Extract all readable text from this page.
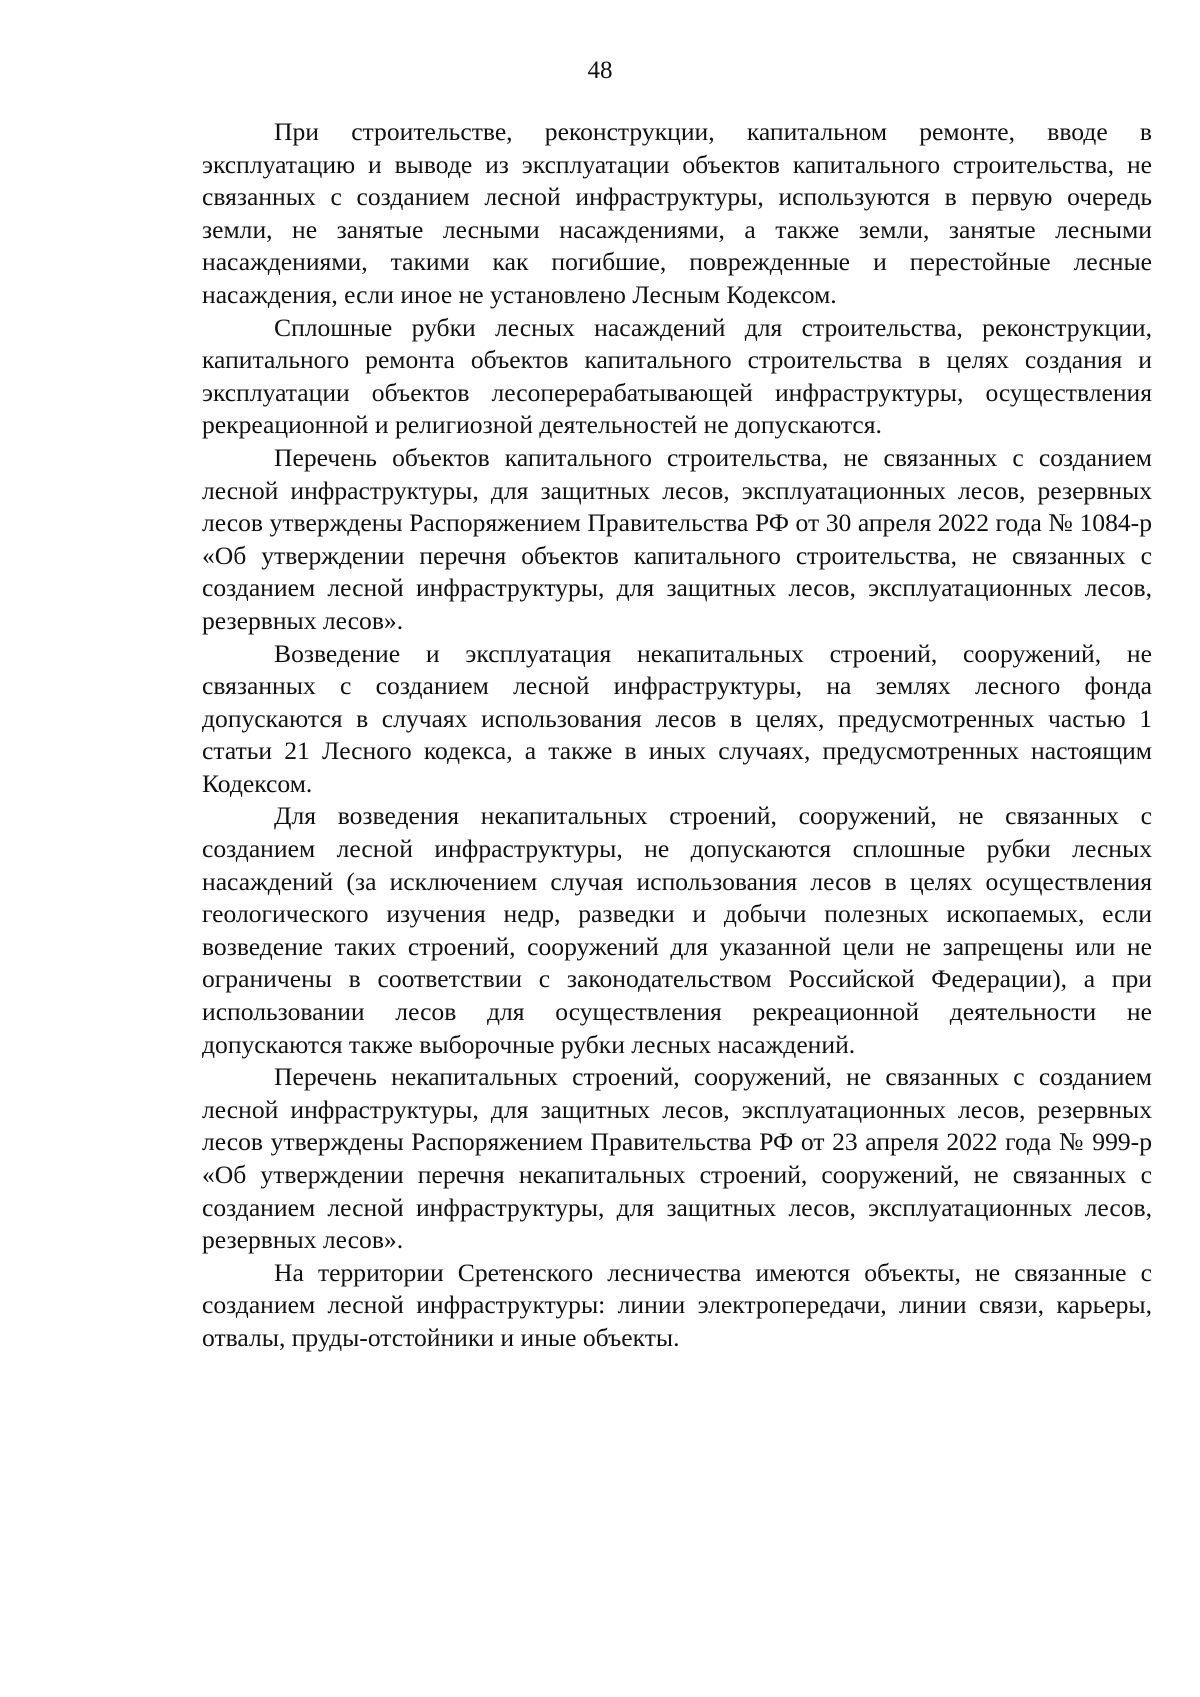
48

При строительстве, реконструкции, капитальном ремонте, вводе в эксплуатацию и выводе из эксплуатации объектов капитального строительства, не связанных с созданием лесной инфраструктуры, используются в первую очередь земли, не занятые лесными насаждениями, а также земли, занятые лесными насаждениями, такими как погибшие, поврежденные и перестойные лесные насаждения, если иное не установлено Лесным Кодексом.

Сплошные рубки лесных насаждений для строительства, реконструкции, капитального ремонта объектов капитального строительства в целях создания и эксплуатации объектов лесоперерабатывающей инфраструктуры, осуществления рекреационной и религиозной деятельностей не допускаются.

Перечень объектов капитального строительства, не связанных с созданием лесной инфраструктуры, для защитных лесов, эксплуатационных лесов, резервных лесов утверждены Распоряжением Правительства РФ от 30 апреля 2022 года № 1084-р «Об утверждении перечня объектов капитального строительства, не связанных с созданием лесной инфраструктуры, для защитных лесов, эксплуатационных лесов, резервных лесов».

Возведение и эксплуатация некапитальных строений, сооружений, не связанных с созданием лесной инфраструктуры, на землях лесного фонда допускаются в случаях использования лесов в целях, предусмотренных частью 1 статьи 21 Лесного кодекса, а также в иных случаях, предусмотренных настоящим Кодексом.

Для возведения некапитальных строений, сооружений, не связанных с созданием лесной инфраструктуры, не допускаются сплошные рубки лесных насаждений (за исключением случая использования лесов в целях осуществления геологического изучения недр, разведки и добычи полезных ископаемых, если возведение таких строений, сооружений для указанной цели не запрещены или не ограничены в соответствии с законодательством Российской Федерации), а при использовании лесов для осуществления рекреационной деятельности не допускаются также выборочные рубки лесных насаждений.

Перечень некапитальных строений, сооружений, не связанных с созданием лесной инфраструктуры, для защитных лесов, эксплуатационных лесов, резервных лесов утверждены Распоряжением Правительства РФ от 23 апреля 2022 года № 999-р «Об утверждении перечня некапитальных строений, сооружений, не связанных с созданием лесной инфраструктуры, для защитных лесов, эксплуатационных лесов, резервных лесов».

На территории Сретенского лесничества имеются объекты, не связанные с созданием лесной инфраструктуры: линии электропередачи, линии связи, карьеры, отвалы, пруды-отстойники и иные объекты.
